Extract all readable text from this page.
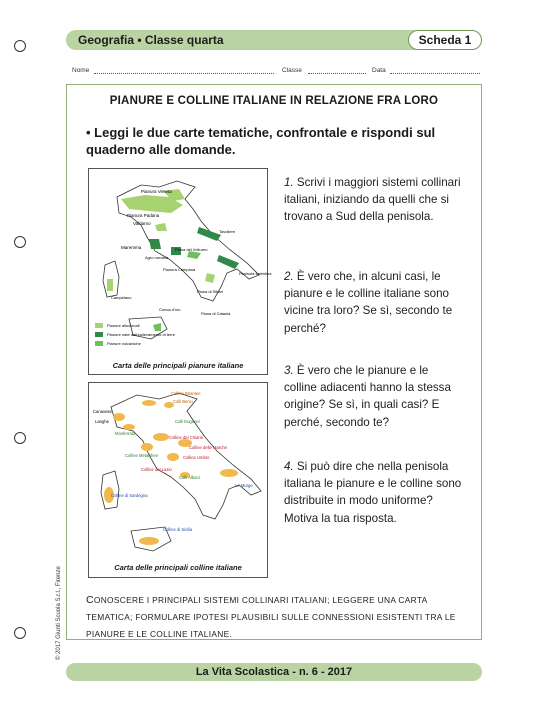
Geografia • Classe quarta	Scheda 1
Nome	Classe	Data
PIANURE E COLLINE ITALIANE IN RELAZIONE FRA LORO
• Leggi le due carte tematiche, confrontale e rispondi sul quaderno alle domande.
Pianura Veneta
Pianura Padana
Valdarno
Maremma	Piana del Volturno
Agro romano
Pianura Campana
Tavoliere
Penisola salentina
Piana di Sibari
Campidano
Conca d'oro
Piana di Catania
Pianure alluvionali
Pianure nate dall'sollevamento di terre
Pianure vulcaniche
Carta delle principali pianure italiane
Colline Briantee
Colli Berici
Canavese
Langhe
Monferrato
Colli Euganei
Colline del Chianti
Colline delle Marche
Colline Metallifere	Colline Umbre
Colline del Lazio
Colli Albani
Le Murge
Colline di Sardegna
Colline di Sicilia
Carta delle principali colline italiane
1. Scrivi i maggiori sistemi collinari italiani, iniziando da quelli che si trovano a Sud della penisola.
2. È vero che, in alcuni casi, le pianure e le colline italiane sono vicine tra loro? Se sì, secondo te perché?
3. È vero che le pianure e le colline adiacenti hanno la stessa origine? Se sì, in quali casi? E perché, secondo te?
4. Si può dire che nella penisola italiana le pianure e le colline sono distribuite in modo uniforme? Motiva la tua risposta.
CONOSCERE I PRINCIPALI SISTEMI COLLINARI ITALIANI; LEGGERE UNA CARTA TEMATICA; FORMULARE IPOTESI PLAUSIBILI SULLE CONNESSIONI ESISTENTI TRA LE PIANURE E LE COLLINE ITALIANE.
© 2017 Giunti Scuola S.r.l., Firenze
La Vita Scolastica - n. 6 - 2017
